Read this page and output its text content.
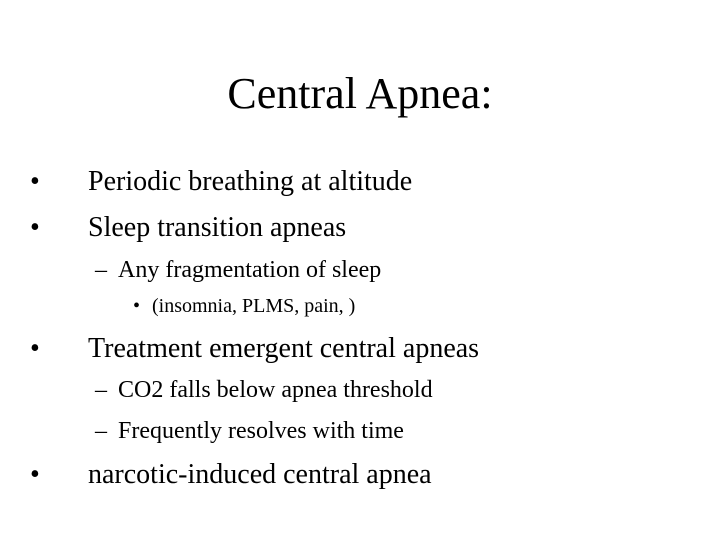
Central Apnea:
• Periodic breathing at altitude
• Sleep transition apneas
– Any fragmentation of sleep
• (insomnia, PLMS, pain, )
• Treatment emergent central apneas
– CO2 falls below apnea threshold
– Frequently resolves with time
• narcotic-induced central apnea
